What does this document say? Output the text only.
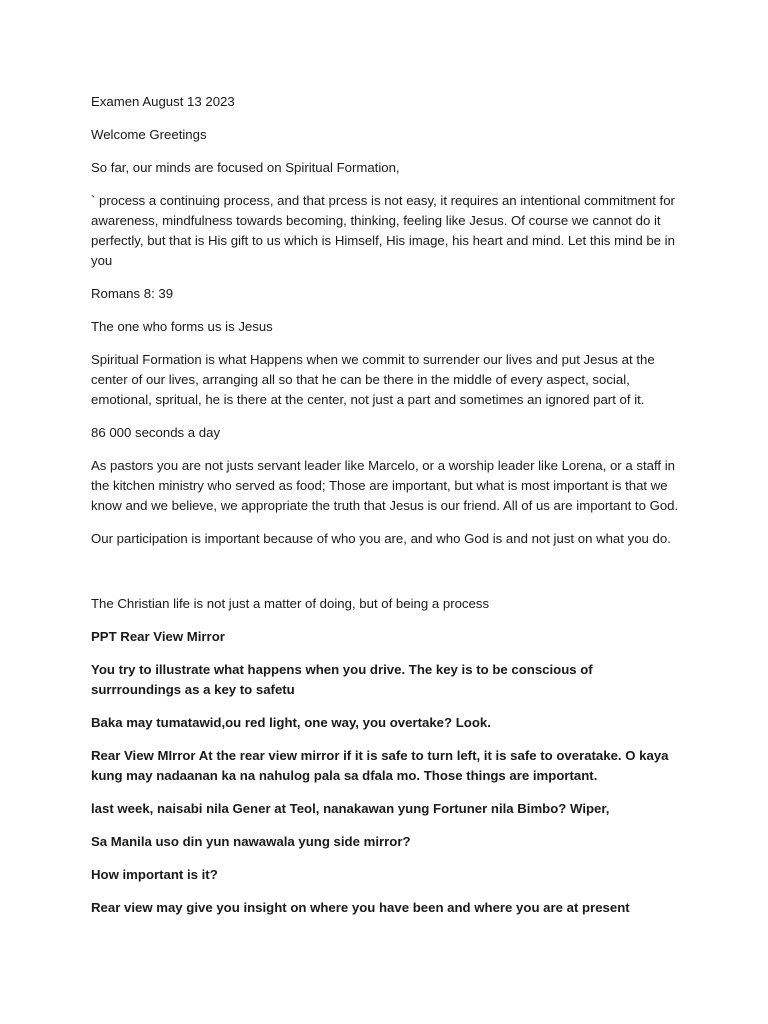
Examen August 13 2023

Welcome Greetings

So far, our minds are focused on Spiritual Formation,

` process a continuing process, and that prcess is not easy, it requires an intentional commitment for awareness, mindfulness towards becoming, thinking, feeling like Jesus. Of course we cannot do it perfectly, but that is His gift to us which is Himself, His image, his heart and mind. Let this mind be in you

Romans 8: 39

The one who forms us is Jesus

Spiritual Formation is what Happens when we commit to surrender our lives and put Jesus at the center of our lives, arranging all so that he can be there in the middle of every aspect, social, emotional, spritual, he is there at the center, not just a part and sometimes an ignored part of it.

86 000 seconds a day

As pastors you are not justs servant leader like Marcelo, or a worship leader like Lorena, or a staff in the kitchen ministry who served as food; Those are important, but what is most important is that we know and we believe, we appropriate the truth that Jesus is our friend. All of us are important to God.

Our participation is important because of who you are, and who God is and not just on what you do.

The Christian life is not just a matter of doing, but of being a process

PPT Rear View Mirror

You try to illustrate what happens when you drive. The key is to be conscious of surrroundings as a key to safetu

Baka may tumatawid,ou red light, one way, you overtake? Look.

Rear View MIrror At the rear view mirror if it is safe to turn left, it is safe to overatake. O kaya kung may nadaanan ka na nahulog pala sa dfala mo. Those things are important.

last week, naisabi nila Gener at Teol, nanakawan yung Fortuner nila Bimbo? Wiper,

Sa Manila uso din yun nawawala yung side mirror?

How important is it?

Rear view may give you insight on where you have been and where you are at present
